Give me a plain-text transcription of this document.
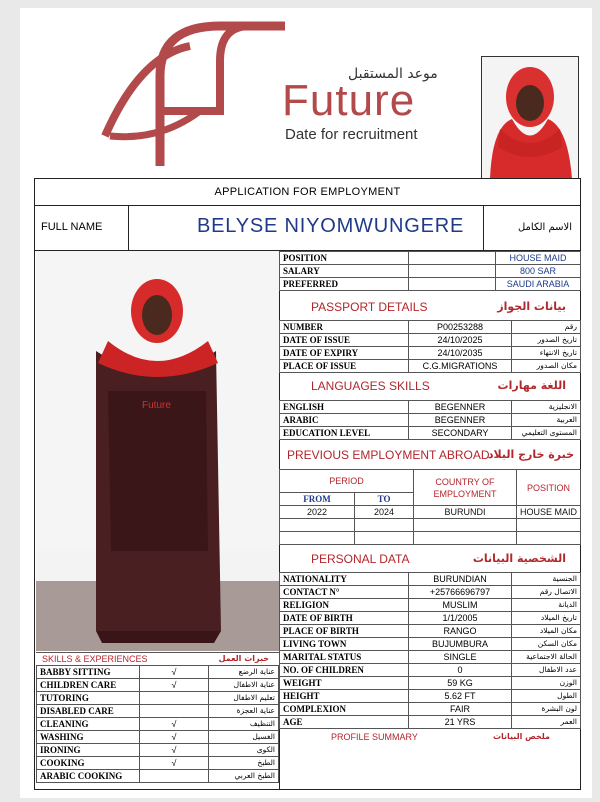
موعد المستقبل
Future
Date for recruitment
APPLICATION FOR EMPLOYMENT
FULL NAME	BELYSE NIYOMWUNGERE	الاسم الكامل
Future
POSITION		HOUSE MAID
SALARY		800 SAR
PREFERRED		SAUDI ARABIA
PASSPORT DETAILS	بيانات الجواز
NUMBER	P00253288	رقم
DATE OF ISSUE	24/10/2025	تاريخ الصدور
DATE OF EXPIRY	24/10/2035	تاريخ الانتهاء
PLACE OF ISSUE	C.G.MIGRATIONS	مكان الصدور
LANGUAGES SKILLS	اللغة مهارات
ENGLISH	BEGENNER	الانجليزية
ARABIC	BEGENNER	العربية
EDUCATION LEVEL	SECONDARY	المستوى التعليمي
PREVIOUS EMPLOYMENT ABROAD
خبرة خارج البلاد
PERIOD		COUNTRY OF EMPLOYMENT	POSITION
FROM	TO		
2022	2024	BURUNDI	HOUSE MAID

PERSONAL DATA	الشخصية البيانات
NATIONALITY	BURUNDIAN	الجنسية
CONTACT N°	+25766696797	الاتصال رقم
RELIGION	MUSLIM	الديانة
DATE OF BIRTH	1/1/2005	تاريخ الميلاد
PLACE OF BIRTH	RANGO	مكان الميلاد
LIVING TOWN	BUJUMBURA	مكان السكن
MARITAL STATUS	SINGLE	الحالة الاجتماعية
NO. OF CHILDREN	0	عدد الاطفال
WEIGHT	59 KG	الوزن
HEIGHT	5.62 FT	الطول
COMPLEXION	FAIR	لون البشرة
AGE	21 YRS	العمر
PROFILE SUMMARY	ملخص البيانات
SKILLS & EXPERIENCES	خبرات العمل
BABBY SITTING	√	عناية الرضع
CHILDREN CARE	√	عناية الاطفال
TUTORING		تعليم الاطفال
DISABLED CARE		عناية العجزة
CLEANING	√	التنظيف
WASHING	√	الغسيل
IRONING	√	الكوى
COOKING	√	الطبخ
ARABIC COOKING		الطبخ العربي
